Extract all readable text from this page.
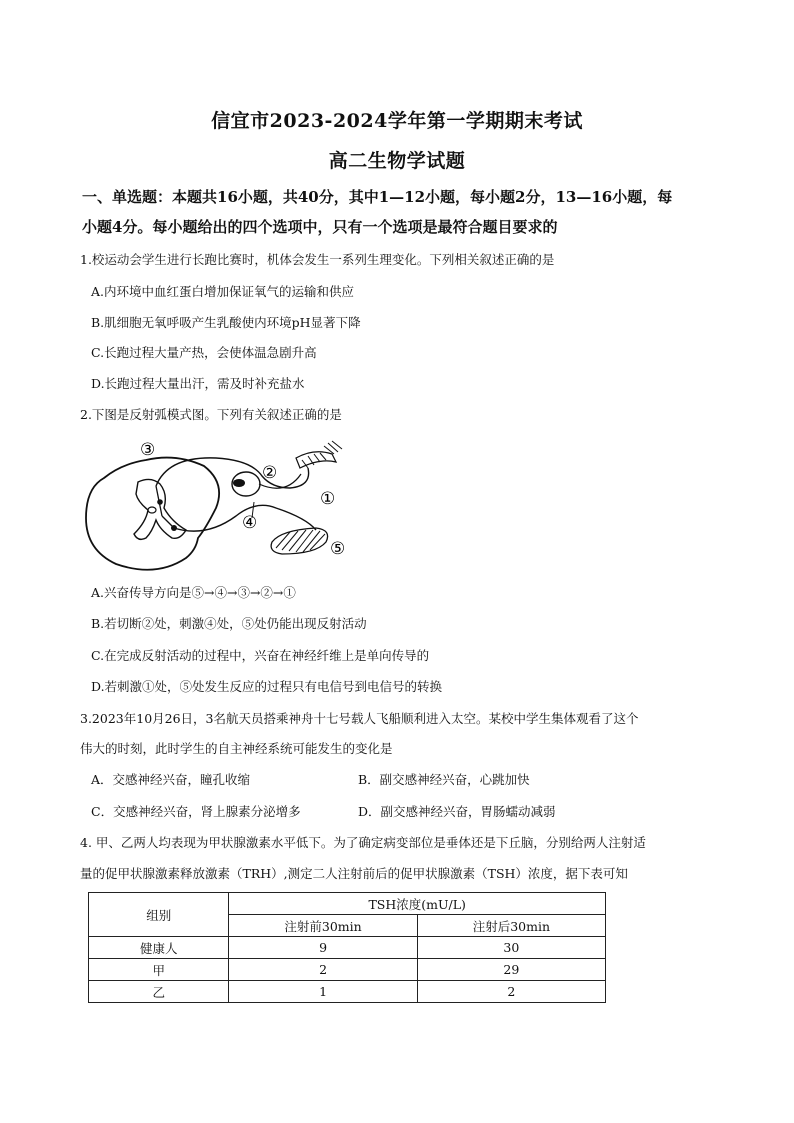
信宜市2023-2024学年第一学期期末考试
高二生物学试题
一、单选题：本题共16小题，共40分，其中1—12小题，每小题2分，13—16小题，每
小题4分。每小题给出的四个选项中，只有一个选项是最符合题目要求的
1.校运动会学生进行长跑比赛时，机体会发生一系列生理变化。下列相关叙述正确的是
A.内环境中血红蛋白增加保证氧气的运输和供应
B.肌细胞无氧呼吸产生乳酸使内环境pH显著下降
C.长跑过程大量产热，会使体温急剧升高
D.长跑过程大量出汗，需及时补充盐水
2.下图是反射弧模式图。下列有关叙述正确的是
③
②
①
④
⑤
A.兴奋传导方向是⑤→④→③→②→①
B.若切断②处，刺激④处，⑤处仍能出现反射活动
C.在完成反射活动的过程中，兴奋在神经纤维上是单向传导的
D.若刺激①处，⑤处发生反应的过程只有电信号到电信号的转换
3.2023年10月26日，3名航天员搭乘神舟十七号载人飞船顺利进入太空。某校中学生集体观看了这个
伟大的时刻，此时学生的自主神经系统可能发生的变化是
A．交感神经兴奋，瞳孔收缩	B．副交感神经兴奋，心跳加快
C．交感神经兴奋，肾上腺素分泌增多	D．副交感神经兴奋，胃肠蠕动减弱
4. 甲、乙两人均表现为甲状腺激素水平低下。为了确定病变部位是垂体还是下丘脑，分别给两人注射适
量的促甲状腺激素释放激素（TRH）,测定二人注射前后的促甲状腺激素（TSH）浓度，据下表可知
组别	TSH浓度(mU/L)	
	注射前30min	注射后30min
健康人	9	30
甲	2	29
乙	1	2
